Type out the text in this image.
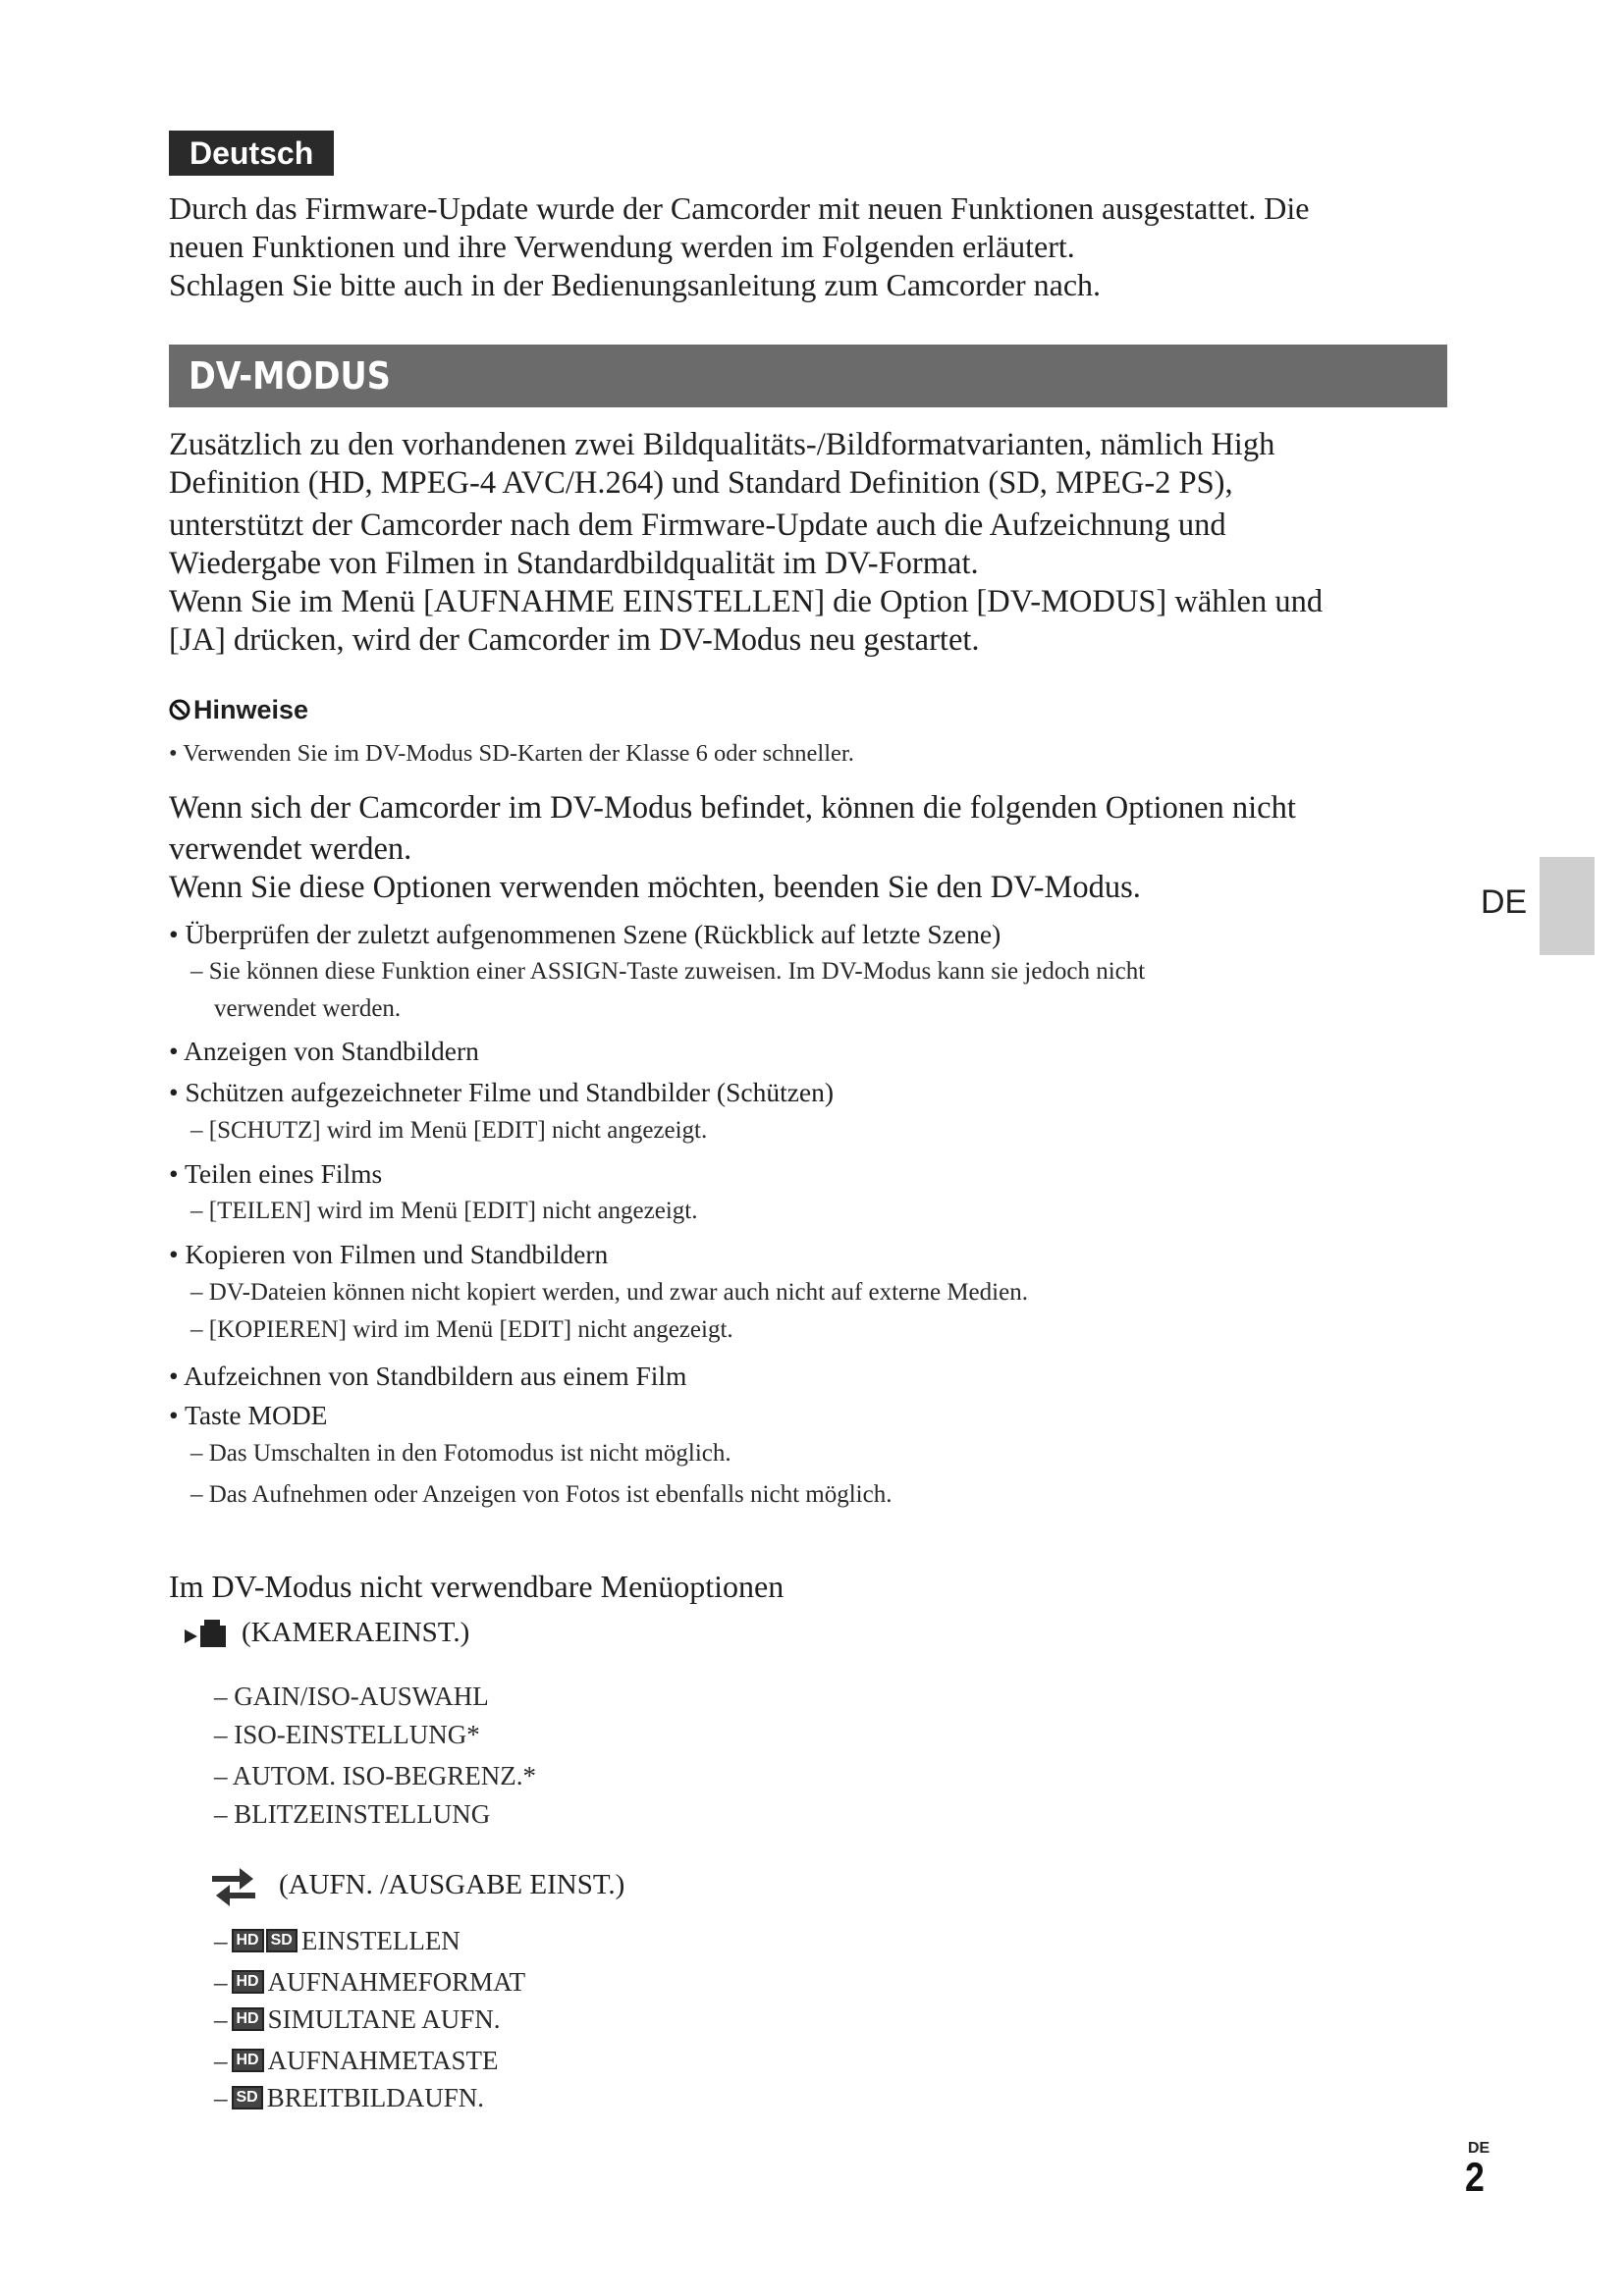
Deutsch
Durch das Firmware-Update wurde der Camcorder mit neuen Funktionen ausgestattet. Die
neuen Funktionen und ihre Verwendung werden im Folgenden erläutert.
Schlagen Sie bitte auch in der Bedienungsanleitung zum Camcorder nach.
DV-MODUS
Zusätzlich zu den vorhandenen zwei Bildqualitäts-/Bildformatvarianten, nämlich High
Definition (HD, MPEG-4 AVC/H.264) und Standard Definition (SD, MPEG-2 PS),
unterstützt der Camcorder nach dem Firmware-Update auch die Aufzeichnung und
Wiedergabe von Filmen in Standardbildqualität im DV-Format.
Wenn Sie im Menü [AUFNAHME EINSTELLEN] die Option [DV-MODUS] wählen und
[JA] drücken, wird der Camcorder im DV-Modus neu gestartet.
Hinweise
• Verwenden Sie im DV-Modus SD-Karten der Klasse 6 oder schneller.
Wenn sich der Camcorder im DV-Modus befindet, können die folgenden Optionen nicht
verwendet werden.
Wenn Sie diese Optionen verwenden möchten, beenden Sie den DV-Modus.
• Überprüfen der zuletzt aufgenommenen Szene (Rückblick auf letzte Szene)
– Sie können diese Funktion einer ASSIGN-Taste zuweisen. Im DV-Modus kann sie jedoch nicht
verwendet werden.
• Anzeigen von Standbildern
• Schützen aufgezeichneter Filme und Standbilder (Schützen)
– [SCHUTZ] wird im Menü [EDIT] nicht angezeigt.
• Teilen eines Films
– [TEILEN] wird im Menü [EDIT] nicht angezeigt.
• Kopieren von Filmen und Standbildern
– DV-Dateien können nicht kopiert werden, und zwar auch nicht auf externe Medien.
– [KOPIEREN] wird im Menü [EDIT] nicht angezeigt.
• Aufzeichnen von Standbildern aus einem Film
• Taste MODE
– Das Umschalten in den Fotomodus ist nicht möglich.
– Das Aufnehmen oder Anzeigen von Fotos ist ebenfalls nicht möglich.
Im DV-Modus nicht verwendbare Menüoptionen
(KAMERAEINST.)
– GAIN/ISO-AUSWAHL
– ISO-EINSTELLUNG*
– AUTOM. ISO-BEGRENZ.*
– BLITZEINSTELLUNG
(AUFN. /AUSGABE EINST.)
– HD SD EINSTELLEN
– HD AUFNAHMEFORMAT
– HD SIMULTANE AUFN.
– HD AUFNAHMETASTE
– SD BREITBILDAUFN.
DE
DE
2
